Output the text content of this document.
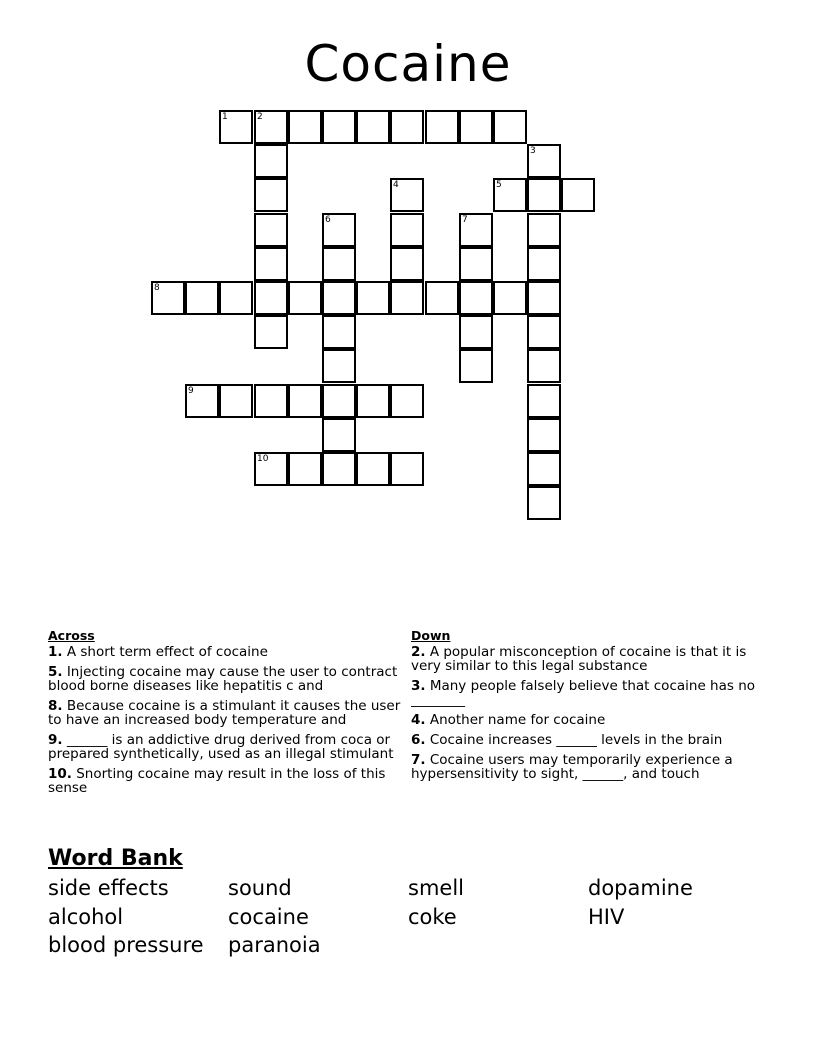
Cocaine
1	2
3
4	5
6	7
8
9
10
Across
1. A short term effect of cocaine
5. Injecting cocaine may cause the user to contract blood borne diseases like hepatitis c and
8. Because cocaine is a stimulant it causes the user to have an increased body temperature and
9. ______ is an addictive drug derived from coca or prepared synthetically, used as an illegal stimulant
10. Snorting cocaine may result in the loss of this sense
Down
2. A popular misconception of cocaine is that it is very similar to this legal substance
3. Many people falsely believe that cocaine has no ________
4. Another name for cocaine
6. Cocaine increases ______ levels in the brain
7. Cocaine users may temporarily experience a hypersensitivity to sight, ______, and touch
Word Bank
side effects	sound	smell	dopamine
alcohol	cocaine	coke	HIV
blood pressure	paranoia
